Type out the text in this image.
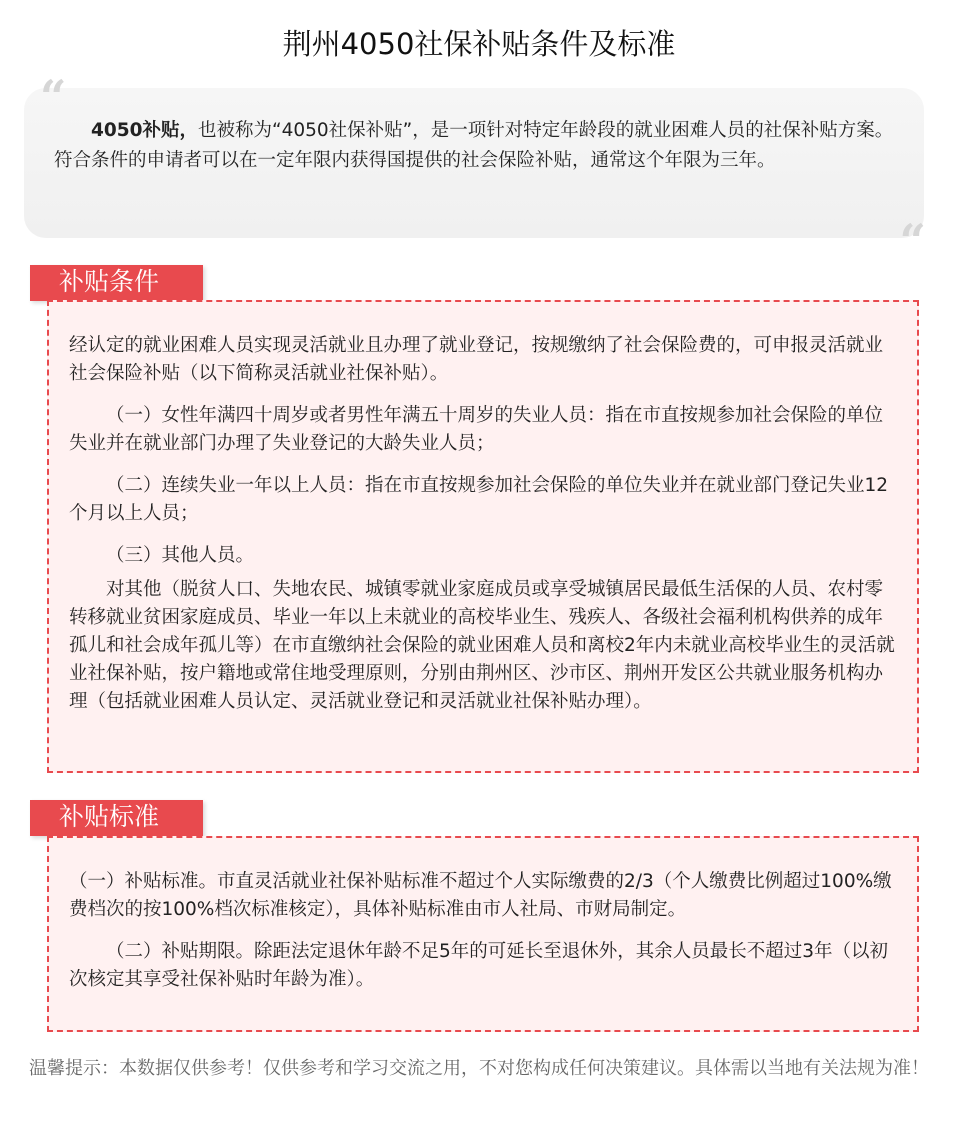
荆州4050社保补贴条件及标准
“

4050补贴，也被称为“4050社保补贴”，是一项针对特定年龄段的就业困难人员的社保补贴方案。符合条件的申请者可以在一定年限内获得国提供的社会保险补贴，通常这个年限为三年。

“
补贴条件

经认定的就业困难人员实现灵活就业且办理了就业登记，按规缴纳了社会保险费的，可申报灵活就业社会保险补贴（以下简称灵活就业社保补贴）。

（一）女性年满四十周岁或者男性年满五十周岁的失业人员：指在市直按规参加社会保险的单位失业并在就业部门办理了失业登记的大龄失业人员；

（二）连续失业一年以上人员：指在市直按规参加社会保险的单位失业并在就业部门登记失业12个月以上人员；

（三）其他人员。

对其他（脱贫人口、失地农民、城镇零就业家庭成员或享受城镇居民最低生活保的人员、农村零转移就业贫困家庭成员、毕业一年以上未就业的高校毕业生、残疾人、各级社会福利机构供养的成年孤儿和社会成年孤儿等）在市直缴纳社会保险的就业困难人员和离校2年内未就业高校毕业生的灵活就业社保补贴，按户籍地或常住地受理原则，分别由荆州区、沙市区、荆州开发区公共就业服务机构办理（包括就业困难人员认定、灵活就业登记和灵活就业社保补贴办理）。

补贴标准

（一）补贴标准。市直灵活就业社保补贴标准不超过个人实际缴费的2/3（个人缴费比例超过100%缴费档次的按100%档次标准核定），具体补贴标准由市人社局、市财局制定。

（二）补贴期限。除距法定退休年龄不足5年的可延长至退休外，其余人员最长不超过3年（以初次核定其享受社保补贴时年龄为准）。

温馨提示：本数据仅供参考！仅供参考和学习交流之用，不对您构成任何决策建议。具体需以当地有关法规为准！
